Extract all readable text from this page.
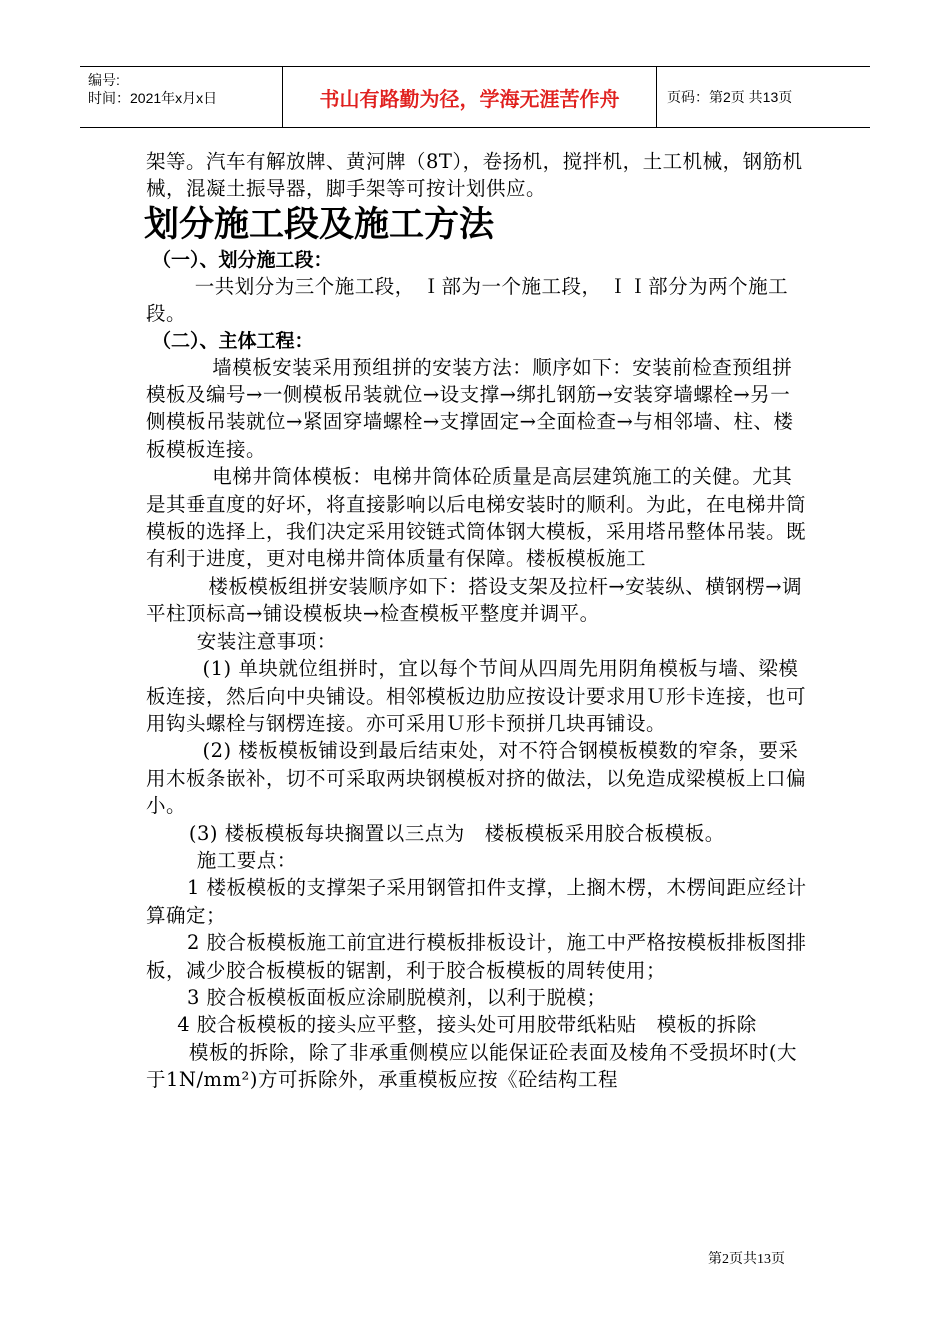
编号:
时间：2021年x月x日	书山有路勤为径，学海无涯苦作舟	页码：第2页 共13页

架等。汽车有解放牌、黄河牌（8T），卷扬机，搅拌机，土工机械，钢筋机械，混凝土振导器，脚手架等可按计划供应。

划分施工段及施工方法

（一）、划分施工段：

一共划分为三个施工段， Ｉ部为一个施工段， ＩＩ部分为两个施工段。

（二）、主体工程：

墙模板安装采用预组拼的安装方法：顺序如下：安装前检查预组拼模板及编号→一侧模板吊装就位→设支撑→绑扎钢筋→安装穿墙螺栓→另一侧模板吊装就位→紧固穿墙螺栓→支撑固定→全面检查→与相邻墙、柱、楼板模板连接。

电梯井筒体模板：电梯井筒体砼质量是高层建筑施工的关健。尤其是其垂直度的好坏，将直接影响以后电梯安装时的顺利。为此，在电梯井筒模板的选择上，我们决定采用铰链式筒体钢大模板，采用塔吊整体吊装。既有利于进度，更对电梯井筒体质量有保障。楼板模板施工

楼板模板组拼安装顺序如下：搭设支架及拉杆→安装纵、横钢楞→调平柱顶标高→铺设模板块→检查模板平整度并调平。

安装注意事项：

(1) 单块就位组拼时，宜以每个节间从四周先用阴角模板与墙、梁模板连接，然后向中央铺设。相邻模板边肋应按设计要求用Ｕ形卡连接，也可用钩头螺栓与钢楞连接。亦可采用Ｕ形卡预拼几块再铺设。

(2) 楼板模板铺设到最后结束处，对不符合钢模板模数的窄条，要采用木板条嵌补，切不可采取两块钢模板对挤的做法，以免造成梁模板上口偏小。

(3) 楼板模板每块搁置以三点为　楼板模板采用胶合板模板。

施工要点：

1 楼板模板的支撑架子采用钢管扣件支撑，上搁木楞，木楞间距应经计算确定；

2 胶合板模板施工前宜进行模板排板设计，施工中严格按模板排板图排板，减少胶合板模板的锯割，利于胶合板模板的周转使用；

3 胶合板模板面板应涂刷脱模剂，以利于脱模；

4 胶合板模板的接头应平整，接头处可用胶带纸粘贴　模板的拆除

模板的拆除，除了非承重侧模应以能保证砼表面及棱角不受损坏时(大于1N/mm²)方可拆除外，承重模板应按《砼结构工程

第2页共13页
